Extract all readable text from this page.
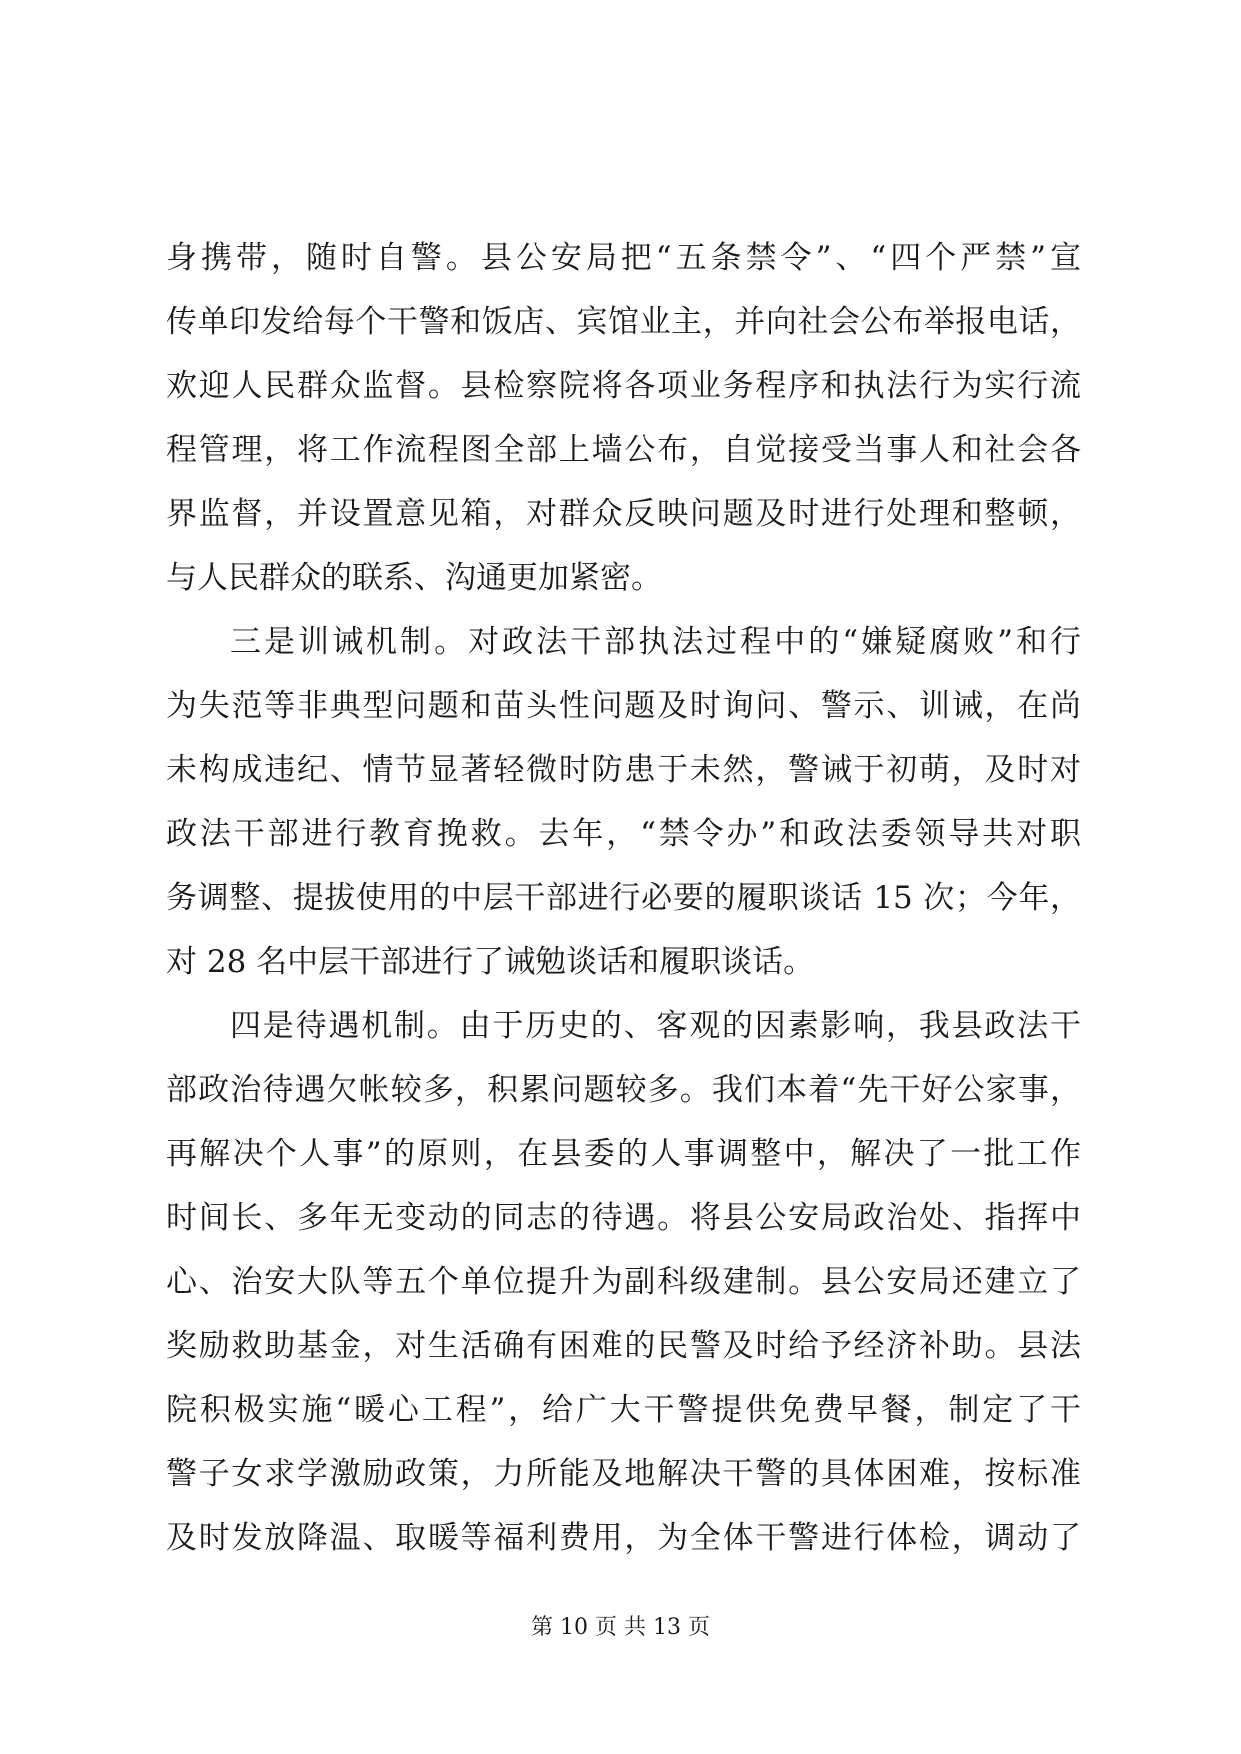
身携带，随时自警。县公安局把“五条禁令”、“四个严禁”宣
传单印发给每个干警和饭店、宾馆业主，并向社会公布举报电话，
欢迎人民群众监督。县检察院将各项业务程序和执法行为实行流
程管理，将工作流程图全部上墙公布，自觉接受当事人和社会各
界监督，并设置意见箱，对群众反映问题及时进行处理和整顿，
与人民群众的联系、沟通更加紧密。
三是训诫机制。对政法干部执法过程中的“嫌疑腐败”和行
为失范等非典型问题和苗头性问题及时询问、警示、训诫，在尚
未构成违纪、情节显著轻微时防患于未然，警诫于初萌，及时对
政法干部进行教育挽救。去年，“禁令办”和政法委领导共对职
务调整、提拔使用的中层干部进行必要的履职谈话 15 次；今年，
对 28 名中层干部进行了诫勉谈话和履职谈话。
四是待遇机制。由于历史的、客观的因素影响，我县政法干
部政治待遇欠帐较多，积累问题较多。我们本着“先干好公家事，
再解决个人事”的原则，在县委的人事调整中，解决了一批工作
时间长、多年无变动的同志的待遇。将县公安局政治处、指挥中
心、治安大队等五个单位提升为副科级建制。县公安局还建立了
奖励救助基金，对生活确有困难的民警及时给予经济补助。县法
院积极实施“暖心工程”，给广大干警提供免费早餐，制定了干
警子女求学激励政策，力所能及地解决干警的具体困难，按标准
及时发放降温、取暖等福利费用，为全体干警进行体检，调动了
第 10 页 共 13 页
